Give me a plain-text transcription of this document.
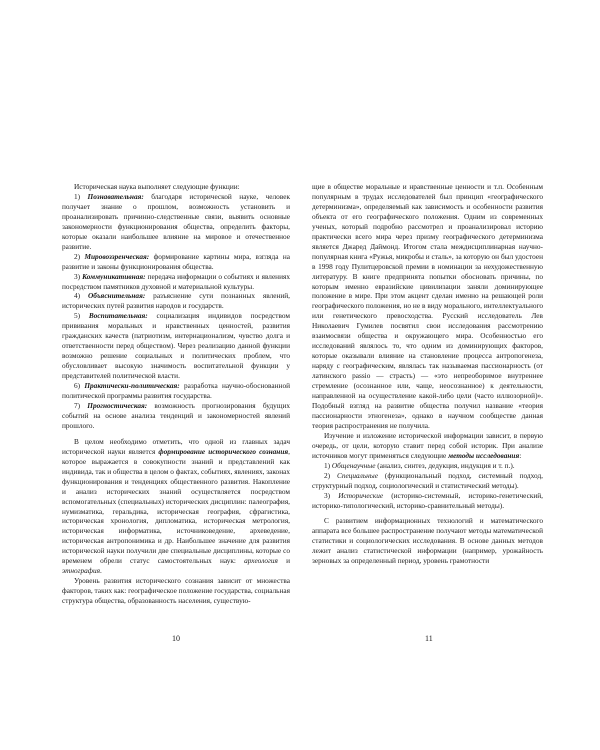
Историческая наука выполняет следующие функции:

1) Познавательная: благодаря исторической науке, человек получает знание о прошлом, возможность установить и проанализировать причинно-следственные связи, выявить основные закономерности функционирования общества, определить факторы, которые оказали наибольшее влияние на мировое и отечественное развитие.

2) Мировоззренческая: формирование картины мира, взгляда на развитие и законы функционирования общества.

3) Коммуникативная: передача информации о событиях и явлениях посредством памятников духовной и материальной культуры.

4) Объяснительная: разъяснение сути познанных явлений, исторических путей развития народов и государств.

5) Воспитательная: социализация индивидов посредством прививания моральных и нравственных ценностей, развития гражданских качеств (патриотизм, интернационализм, чувство долга и ответственности перед обществом). Через реализацию данной функции возможно решение социальных и политических проблем, что обусловливает высокую значимость воспитательной функции у представителей политической власти.

6) Практически-политическая: разработка научно-обоснованной политической программы развития государства.

7) Прогностическая: возможность прогнозирования будущих событий на основе анализа тенденций и закономерностей явлений прошлого.

В целом необходимо отметить, что одной из главных задач исторической науки является формирование исторического сознания, которое выражается в совокупности знаний и представлений как индивида, так и общества в целом о фактах, событиях, явлениях, законах функционирования и тенденциях общественного развития. Накопление и анализ исторических знаний осуществляется посредством вспомогательных (специальных) исторических дисциплин: палеография, нумизматика, геральдика, историческая география, сфрагистика, историческая хронология, дипломатика, историческая метрология, историческая информатика, источниковедение, археведение, историческая антропонимика и др. Наибольшее значение для развития исторической науки получили две специальные дисциплины, которые со временем обрели статус самостоятельных наук: археология и этнография.

Уровень развития исторического сознания зависит от множества факторов, таких как: географическое положение государства, социальная структура общества, образованность населения, существую-

щие в обществе моральные и нравственные ценности и т.п. Особенным популярным в трудах исследователей был принцип «географического детерминизма», определяемый как зависимость и особенности развития объекта от его географического положения. Одним из современных ученых, который подробно рассмотрел и проанализировал историю практически всего мира через призму географического детерминизма является Джаред Даймонд. Итогом стала междисциплинарная научно-популярная книга «Ружья, микробы и сталь», за которую он был удостоен в 1998 году Пулитцеровской премии в номинации за нехудожественную литературу. В книге предпринята попытки обосновать причины, по которым именно евразийские цивилизации заняли доминирующее положение в мире. При этом акцент сделан именно на решающей роли географического положения, но не в виду морального, интеллектуального или генетического превосходства. Русский исследователь Лев Николаевич Гумилев посвятил свои исследования рассмотрению взаимосвязи общества и окружающего мира. Особенностью его исследований являлось то, что одним из доминирующих факторов, которые оказывали влияние на становление процесса антропогенеза, наряду с географическим, являлась так называемая пассионарность (от латинского passio — страсть) — «это непреоборимое внутреннее стремление (осознанное или, чаще, неосознанное) к деятельности, направленной на осуществление какой-либо цели (часто иллюзорной)». Подобный взгляд на развитие общества получил название «теория пассионарности этногенеза», однако в научном сообществе данная теория распространения не получила.

Изучение и изложение исторической информации зависит, в первую очередь, от цели, которую ставит перед собой историк. При анализе источников могут применяться следующие методы исследования:

1) Общенаучные (анализ, синтез, дедукция, индукция и т. п.).

2) Специальные (функциональный подход, системный подход, структурный подход, социологический и статистический методы).

3) Исторические (историко-системный, историко-генетический, историко-типологический, историко-сравнительный методы).

С развитием информационных технологий и математического аппарата все большее распространение получают методы математической статистики и социологических исследования. В основе данных методов лежит анализ статистической информации (например, урожайность зерновых за определенный период, уровень грамотности

10	11
